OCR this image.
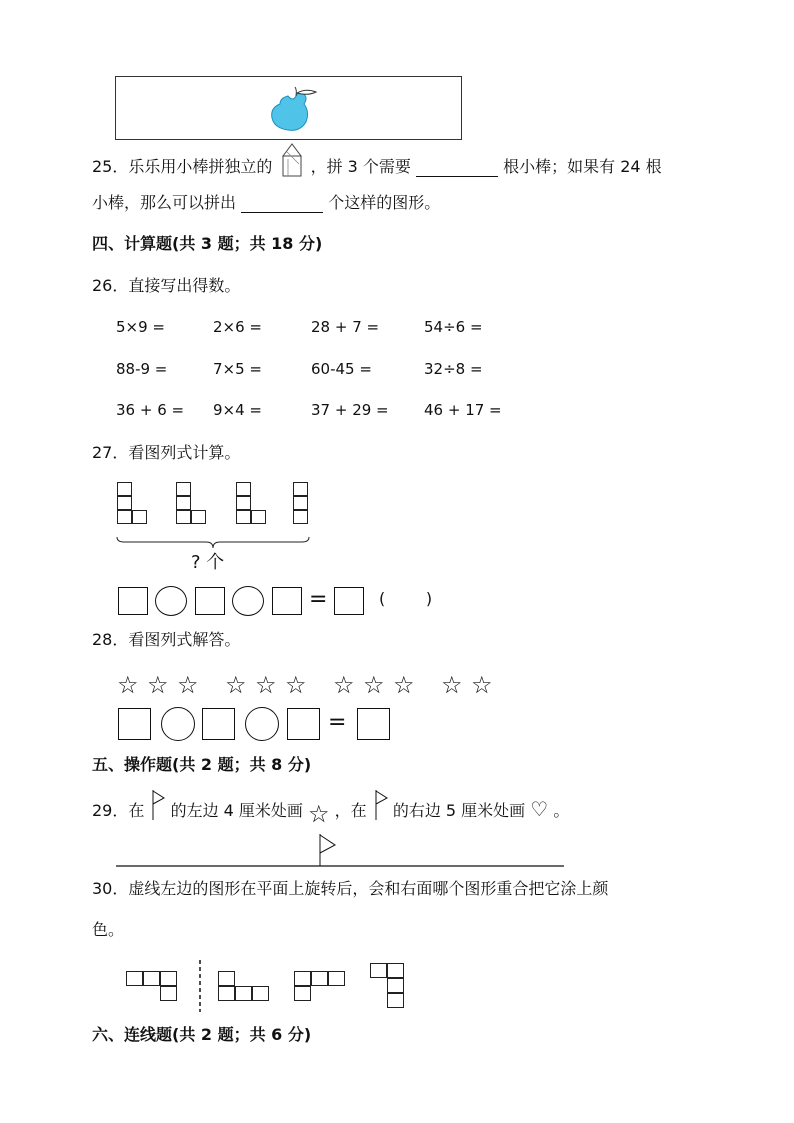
25．乐乐用小棒拼独立的 ，拼 3 个需要	根小棒；如果有 24 根
小棒，那么可以拼出	个这样的图形。
四、计算题(共 3 题；共 18 分)
26．直接写出得数。
5×9 =	2×6 =	28 + 7 =	54÷6 =
88-9 =	7×5 =	60-45 =	32÷8 =
36 + 6 = 9×4 =	37 + 29 = 46 + 17 =
27．看图列式计算。
? 个
=	(        )
28．看图列式解答。
☆ ☆ ☆ ☆ ☆ ☆ ☆ ☆ ☆ ☆ ☆
=
五、操作题(共 2 题；共 8 分)
29．在 的左边 4 厘米处画 ☆ ，在 的右边 5 厘米处画 ♡ 。
30．虚线左边的图形在平面上旋转后，会和右面哪个图形重合把它涂上颜
色。
六、连线题(共 2 题；共 6 分)
